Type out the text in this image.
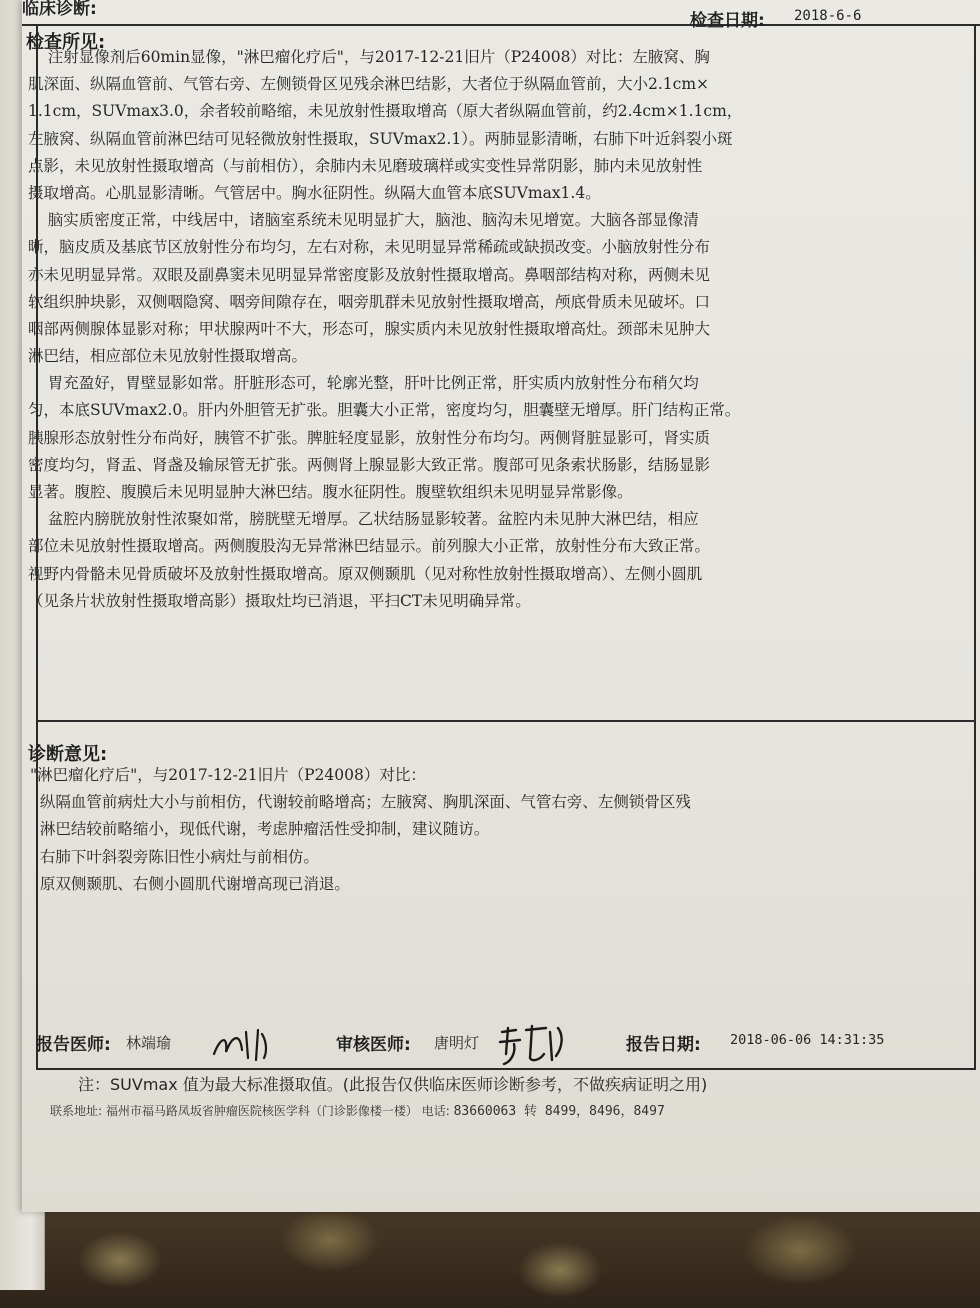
临床诊断:
检查日期: 2018-6-6
检查所见:
注射显像剂后60min显像，"淋巴瘤化疗后"，与2017-12-21旧片（P24008）对比：左腋窝、胸
肌深面、纵隔血管前、气管右旁、左侧锁骨区见残余淋巴结影，大者位于纵隔血管前，大小2.1cm×
1.1cm，SUVmax3.0，余者较前略缩，未见放射性摄取增高（原大者纵隔血管前，约2.4cm×1.1cm，
左腋窝、纵隔血管前淋巴结可见轻微放射性摄取，SUVmax2.1）。两肺显影清晰，右肺下叶近斜裂小斑
点影，未见放射性摄取增高（与前相仿），余肺内未见磨玻璃样或实变性异常阴影，肺内未见放射性
摄取增高。心肌显影清晰。气管居中。胸水征阴性。纵隔大血管本底SUVmax1.4。
脑实质密度正常，中线居中，诸脑室系统未见明显扩大，脑池、脑沟未见增宽。大脑各部显像清
晰，脑皮质及基底节区放射性分布均匀，左右对称，未见明显异常稀疏或缺损改变。小脑放射性分布
亦未见明显异常。双眼及副鼻窦未见明显异常密度影及放射性摄取增高。鼻咽部结构对称，两侧未见
软组织肿块影，双侧咽隐窝、咽旁间隙存在，咽旁肌群未见放射性摄取增高，颅底骨质未见破坏。口
咽部两侧腺体显影对称；甲状腺两叶不大，形态可，腺实质内未见放射性摄取增高灶。颈部未见肿大
淋巴结，相应部位未见放射性摄取增高。
胃充盈好，胃壁显影如常。肝脏形态可，轮廓光整，肝叶比例正常，肝实质内放射性分布稍欠均
匀，本底SUVmax2.0。肝内外胆管无扩张。胆囊大小正常，密度均匀，胆囊壁无增厚。肝门结构正常。
胰腺形态放射性分布尚好，胰管不扩张。脾脏轻度显影，放射性分布均匀。两侧肾脏显影可，肾实质
密度均匀，肾盂、肾盏及输尿管无扩张。两侧肾上腺显影大致正常。腹部可见条索状肠影，结肠显影
显著。腹腔、腹膜后未见明显肿大淋巴结。腹水征阴性。腹壁软组织未见明显异常影像。
盆腔内膀胱放射性浓聚如常，膀胱壁无增厚。乙状结肠显影较著。盆腔内未见肿大淋巴结，相应
部位未见放射性摄取增高。两侧腹股沟无异常淋巴结显示。前列腺大小正常，放射性分布大致正常。
视野内骨骼未见骨质破坏及放射性摄取增高。原双侧颞肌（见对称性放射性摄取增高）、左侧小圆肌
（见条片状放射性摄取增高影）摄取灶均已消退，平扫CT未见明确异常。
诊断意见:
"淋巴瘤化疗后"，与2017-12-21旧片（P24008）对比：
纵隔血管前病灶大小与前相仿，代谢较前略增高；左腋窝、胸肌深面、气管右旁、左侧锁骨区残
淋巴结较前略缩小，现低代谢，考虑肿瘤活性受抑制，建议随访。
右肺下叶斜裂旁陈旧性小病灶与前相仿。
原双侧颞肌、右侧小圆肌代谢增高现已消退。
报告医师: 林端瑜	审核医师: 唐明灯	报告日期: 2018-06-06 14:31:35
注：SUVmax 值为最大标准摄取值。(此报告仅供临床医师诊断参考，不做疾病证明之用)
联系地址: 福州市福马路凤坂省肿瘤医院核医学科（门诊影像楼一楼） 电话: 83660063 转 8499，8496，8497
